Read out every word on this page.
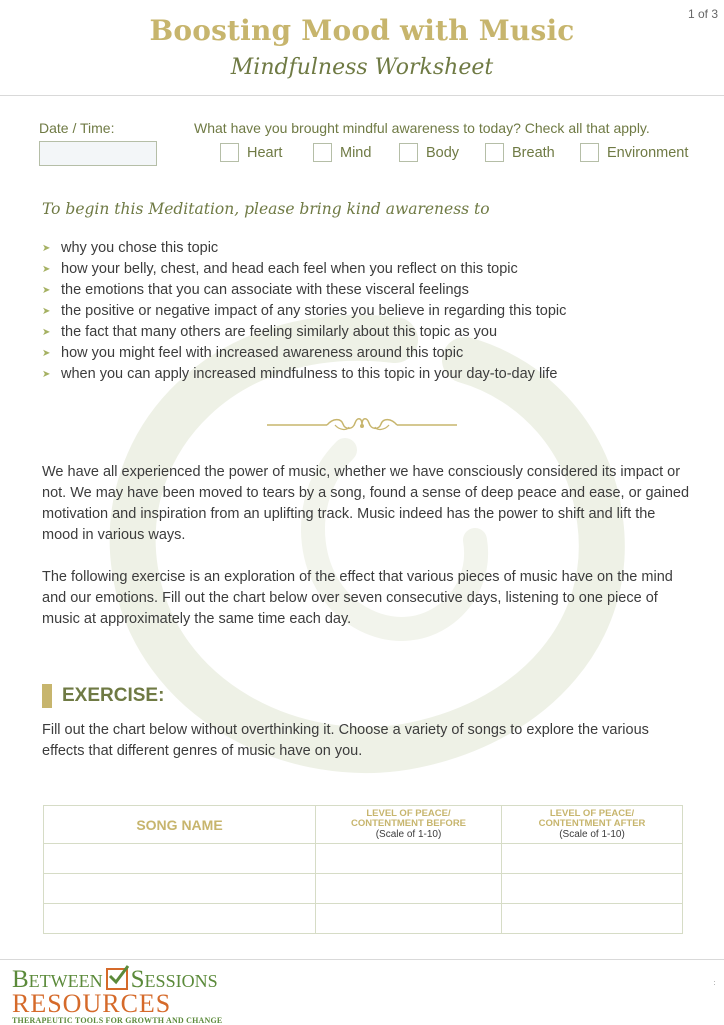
1 of 3
Boosting Mood with Music
Mindfulness Worksheet
Date / Time:	What have you brought mindful awareness to today? Check all that apply.
Heart	Mind	Body	Breath	Environment
To begin this Meditation, please bring kind awareness to
➤ why you chose this topic
➤ how your belly, chest, and head each feel when you reflect on this topic
➤ the emotions that you can associate with these visceral feelings
➤ the positive or negative impact of any stories you believe in regarding this topic
➤ the fact that many others are feeling similarly about this topic as you
➤ how you might feel with increased awareness around this topic
➤ when you can apply increased mindfulness to this topic in your day-to-day life

We have all experienced the power of music, whether we have consciously considered its impact or not. We may have been moved to tears by a song, found a sense of deep peace and ease, or gained motivation and inspiration from an uplifting track. Music indeed has the power to shift and lift the mood in various ways.

The following exercise is an exploration of the effect that various pieces of music have on the mind and our emotions. Fill out the chart below over seven consecutive days, listening to one piece of music at approximately the same time each day.

EXERCISE:

Fill out the chart below without overthinking it. Choose a variety of songs to explore the various effects that different genres of music have on you.

SONG NAME	LEVEL OF PEACE/
CONTENTMENT BEFORE
(Scale of 1-10)	LEVEL OF PEACE/
CONTENTMENT AFTER
(Scale of 1-10)

Between Sessions
RESOURCES
THERAPEUTIC TOOLS FOR GROWTH AND CHANGE
:
